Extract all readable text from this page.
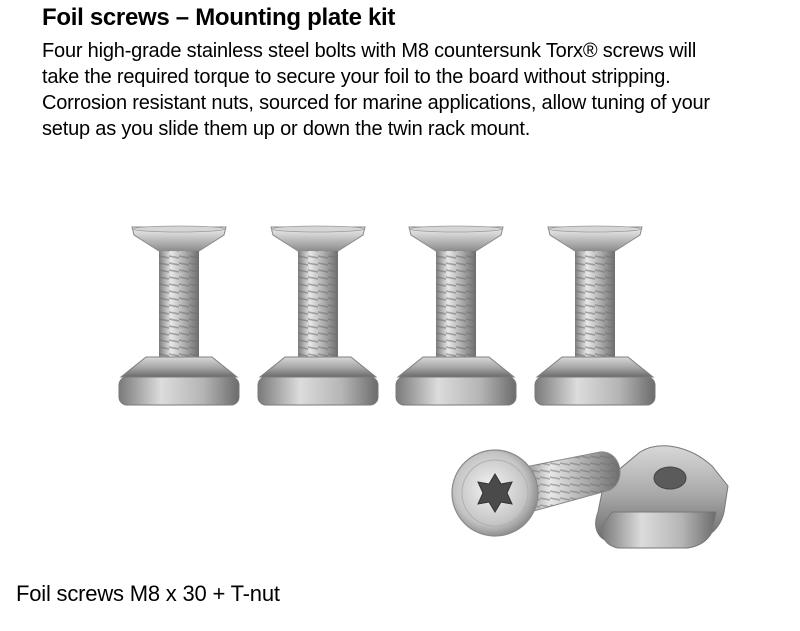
Foil screws – Mounting plate kit

Four high-grade stainless steel bolts with M8 countersunk Torx® screws will
take the required torque to secure your foil to the board without stripping.
Corrosion resistant nuts, sourced for marine applications, allow tuning of your
setup as you slide them up or down the twin rack mount.

Foil screws M8 x 30 + T-nut
